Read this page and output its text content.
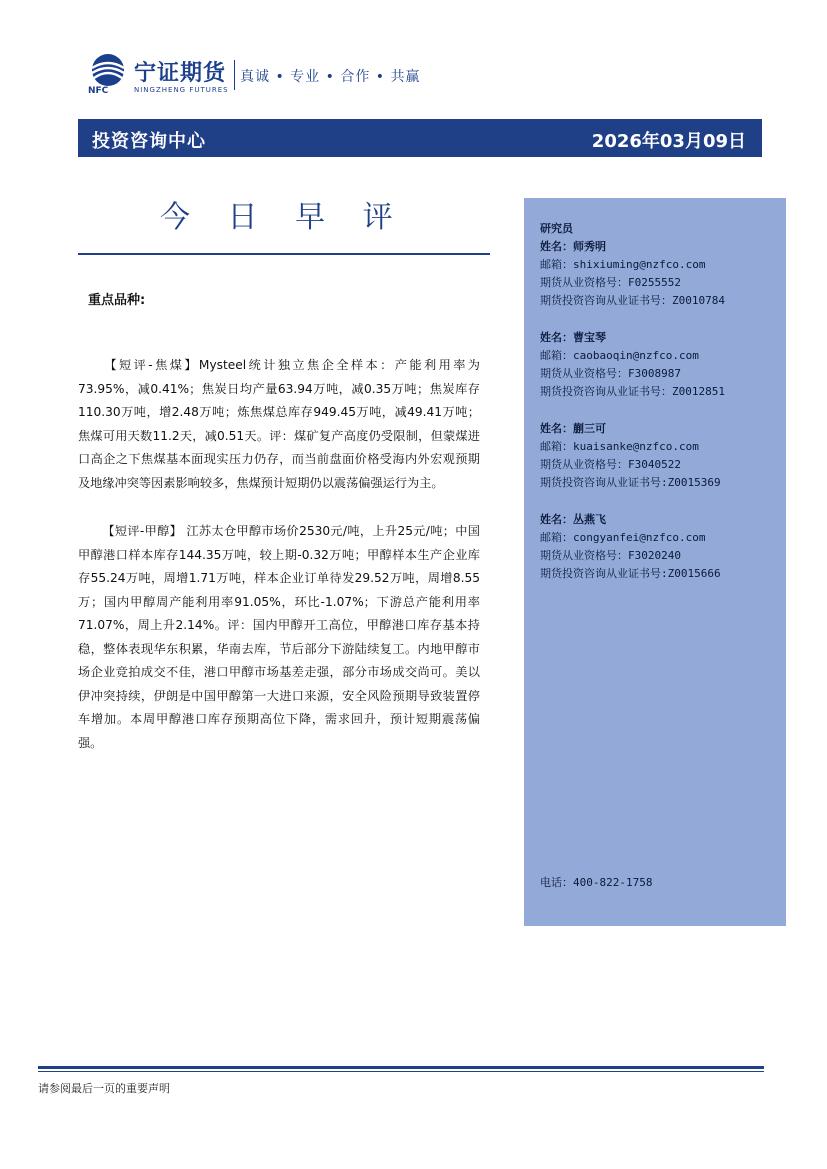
NFC
宁证期货
NINGZHENG FUTURES
真诚 • 专业 • 合作 • 共赢
投资咨询中心	2026年03月09日
今 日 早 评
重点品种:
【短评-焦煤】Mysteel统计独立焦企全样本：产能利用率为73.95%，减0.41%；焦炭日均产量63.94万吨，减0.35万吨；焦炭库存110.30万吨，增2.48万吨；炼焦煤总库存949.45万吨，减49.41万吨；焦煤可用天数11.2天，减0.51天。评：煤矿复产高度仍受限制，但蒙煤进口高企之下焦煤基本面现实压力仍存，而当前盘面价格受海内外宏观预期及地缘冲突等因素影响较多，焦煤预计短期仍以震荡偏强运行为主。
【短评-甲醇】 江苏太仓甲醇市场价2530元/吨，上升25元/吨；中国甲醇港口样本库存144.35万吨，较上期-0.32万吨；甲醇样本生产企业库存55.24万吨，周增1.71万吨，样本企业订单待发29.52万吨，周增8.55万；国内甲醇周产能利用率91.05%，环比-1.07%；下游总产能利用率71.07%，周上升2.14%。评：国内甲醇开工高位，甲醇港口库存基本持稳，整体表现华东积累，华南去库，节后部分下游陆续复工。内地甲醇市场企业竞拍成交不佳，港口甲醇市场基差走强，部分市场成交尚可。美以伊冲突持续，伊朗是中国甲醇第一大进口来源，安全风险预期导致装置停车增加。本周甲醇港口库存预期高位下降，需求回升，预计短期震荡偏强。
研究员
姓名：师秀明
邮箱：shixiuming@nzfco.com
期货从业资格号：F0255552
期货投资咨询从业证书号：Z0010784
姓名：曹宝琴
邮箱：caobaoqin@nzfco.com
期货从业资格号：F3008987
期货投资咨询从业证书号：Z0012851
姓名：蒯三可
邮箱：kuaisanke@nzfco.com
期货从业资格号：F3040522
期货投资咨询从业证书号:Z0015369
姓名：丛燕飞
邮箱：congyanfei@nzfco.com
期货从业资格号：F3020240
期货投资咨询从业证书号:Z0015666
电话：400-822-1758
请参阅最后一页的重要声明
